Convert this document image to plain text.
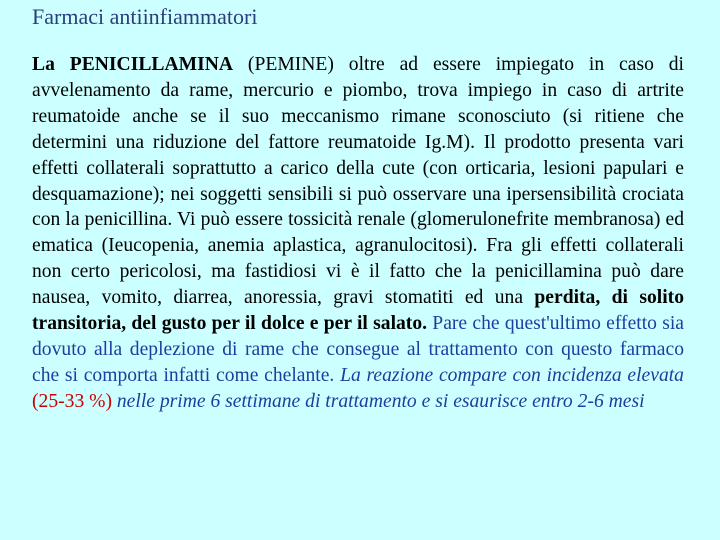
Farmaci antiinfiammatori
La PENICILLAMINA (PEMINE) oltre ad essere impiegato in caso di avvelenamento da rame, mercurio e piombo, trova impiego in caso di artrite reumatoide anche se il suo meccanismo rimane sconosciuto (si ritiene che determini una riduzione del fattore reumatoide Ig.M). Il prodotto presenta vari effetti collaterali soprattutto a carico della cute (con orticaria, lesioni papulari e desquamazione); nei soggetti sensibili si può osservare una ipersensibilità crociata con la penicillina. Vi può essere tossicità renale (glomerulonefrite membranosa) ed ematica (Ieucopenia, anemia aplastica, agranulocitosi). Fra gli effetti collaterali non certo pericolosi, ma fastidiosi vi è il fatto che la penicillamina può dare nausea, vomito, diarrea, anoressia, gravi stomatiti ed una perdita, di solito transitoria, del gusto per il dolce e per il salato. Pare che quest'ultimo effetto sia dovuto alla deplezione di rame che consegue al trattamento con questo farmaco che si comporta infatti come chelante. La reazione compare con incidenza elevata (25-33 %) nelle prime 6 settimane di trattamento e si esaurisce entro 2-6 mesi
